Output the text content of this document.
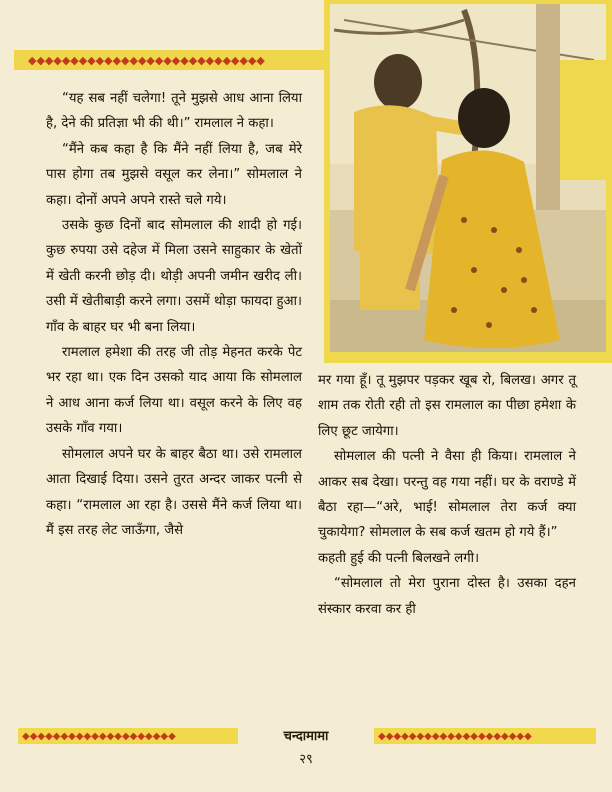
◆◆◆◆◆◆◆◆◆◆◆◆◆◆◆◆◆◆◆◆◆◆◆◆◆◆◆◆

“यह सब नहीं चलेगा! तूने मुझसे आध आना लिया है, देने की प्रतिज्ञा भी की थी।” रामलाल ने कहा।

“मैंने कब कहा है कि मैंने नहीं लिया है, जब मेरे पास होगा तब मुझसे वसूल कर लेना।” सोमलाल ने कहा। दोनों अपने अपने रास्ते चले गये।

उसके कुछ दिनों बाद सोमलाल की शादी हो गई। कुछ रुपया उसे दहेज में मिला उसने साहुकार के खेतों में खेती करनी छोड़ दी। थोड़ी अपनी जमीन खरीद ली। उसी में खेतीबाड़ी करने लगा। उसमें थोड़ा फायदा हुआ। गाँव के बाहर घर भी बना लिया।

रामलाल हमेशा की तरह जी तोड़ मेहनत करके पेट भर रहा था। एक दिन उसको याद आया कि सोमलाल ने आध आना कर्ज लिया था। वसूल करने के लिए वह उसके गाँव गया।

सोमलाल अपने घर के बाहर बैठा था। उसे रामलाल आता दिखाई दिया। उसने तुरत अन्दर जाकर पत्नी से कहा। “रामलाल आ रहा है। उससे मैंने कर्ज लिया था। मैं इस तरह लेट जाऊँगा, जैसे

मर गया हूँ। तू मुझपर पड़कर खूब रो, बिलख। अगर तू शाम तक रोती रही तो इस रामलाल का पीछा हमेशा के लिए छूट जायेगा।

सोमलाल की पत्नी ने वैसा ही किया। रामलाल ने आकर सब देखा। परन्तु वह गया नहीं। घर के वराण्डे में बैठा रहा—“अरे, भाई! सोमलाल तेरा कर्ज क्या चुकायेगा? सोमलाल के सब कर्ज खतम हो गये हैं।”

कहती हुई की पत्नी बिलखने लगी।

“सोमलाल तो मेरा पुराना दोस्त है। उसका दहन संस्कार करवा कर ही

◆◆◆◆◆◆◆◆◆◆◆◆◆◆◆◆◆◆◆◆	◆◆◆◆◆◆◆◆◆◆◆◆◆◆◆◆◆◆◆◆
चन्दामामा
२९
